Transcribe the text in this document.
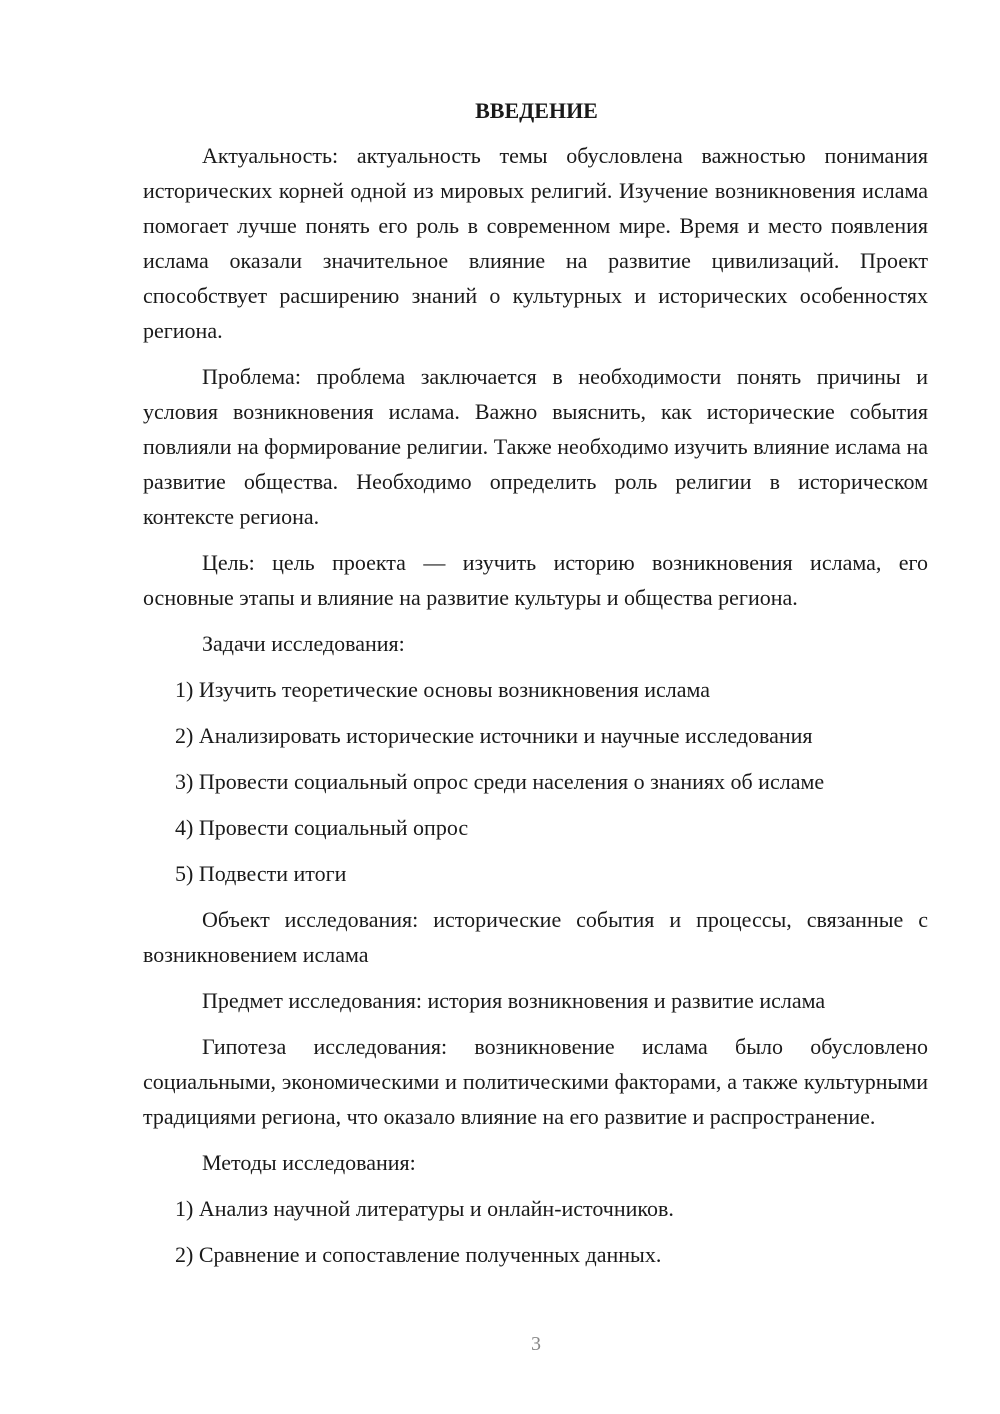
ВВЕДЕНИЕ

Актуальность: актуальность темы обусловлена важностью понимания исторических корней одной из мировых религий. Изучение возникновения ислама помогает лучше понять его роль в современном мире. Время и место появления ислама оказали значительное влияние на развитие цивилизаций. Проект способствует расширению знаний о культурных и исторических особенностях региона.

Проблема: проблема заключается в необходимости понять причины и условия возникновения ислама. Важно выяснить, как исторические события повлияли на формирование религии. Также необходимо изучить влияние ислама на развитие общества. Необходимо определить роль религии в историческом контексте региона.

Цель: цель проекта — изучить историю возникновения ислама, его основные этапы и влияние на развитие культуры и общества региона.

Задачи исследования:

1) Изучить теоретические основы возникновения ислама
2) Анализировать исторические источники и научные исследования
3) Провести социальный опрос среди населения о знаниях об исламе
4) Провести социальный опрос
5) Подвести итоги

Объект исследования: исторические события и процессы, связанные с возникновением ислама

Предмет исследования: история возникновения и развитие ислама

Гипотеза исследования: возникновение ислама было обусловлено социальными, экономическими и политическими факторами, а также культурными традициями региона, что оказало влияние на его развитие и распространение.

Методы исследования:

1) Анализ научной литературы и онлайн-источников.
2) Сравнение и сопоставление полученных данных.
3
